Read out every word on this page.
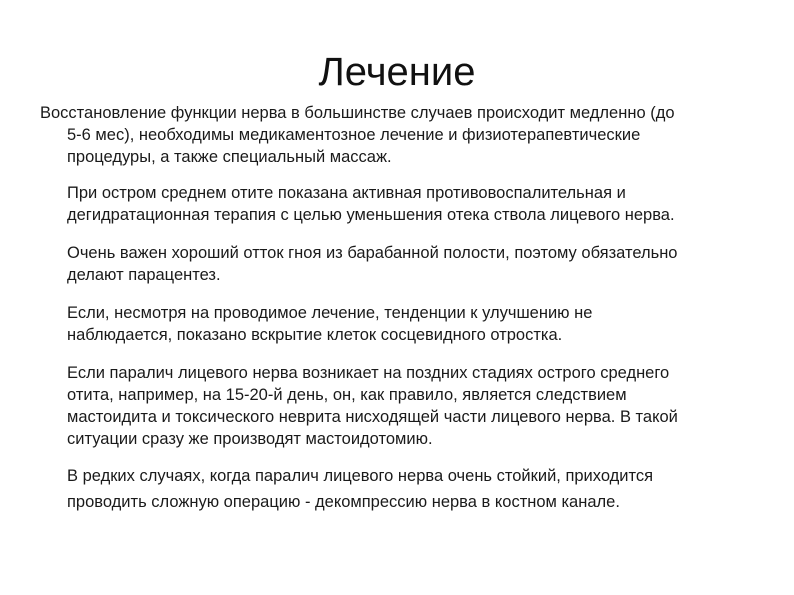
Лечение

Восстановление функции нерва в большинстве случаев происходит медленно (до
5-6 мес), необходимы медикаментозное лечение и физиотерапевтические
процедуры, а также специальный массаж.

При остром среднем отите показана активная противовоспалительная и
дегидратационная терапия с целью уменьшения отека ствола лицевого нерва.

Очень важен хороший отток гноя из барабанной полости, поэтому обязательно
делают парацентез.

Если, несмотря на проводимое лечение, тенденции к улучшению не
наблюдается, показано вскрытие клеток сосцевидного отростка.

Если паралич лицевого нерва возникает на поздних стадиях острого среднего
отита, например, на 15-20-й день, он, как правило, является следствием
мастоидита и токсического неврита нисходящей части лицевого нерва. В такой
ситуации сразу же производят мастоидотомию.

В редких случаях, когда паралич лицевого нерва очень стойкий, приходится
проводить сложную операцию - декомпрессию нерва в костном канале.
